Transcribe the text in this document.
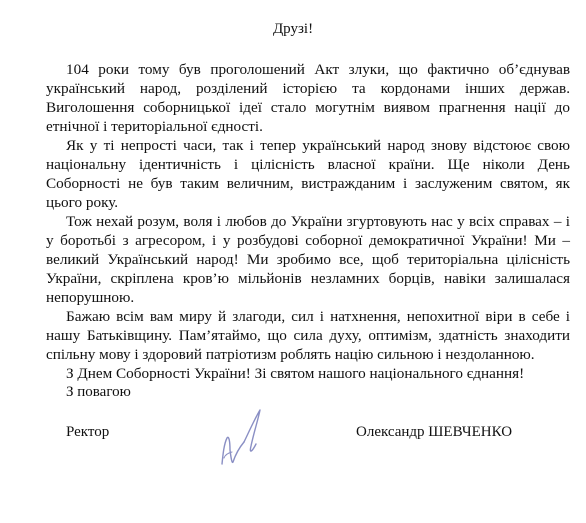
Друзі!

104 роки тому був проголошений Акт злуки, що фактично об’єднував український народ, розділений історією та кордонами інших держав. Виголошення соборницької ідеї стало могутнім виявом прагнення нації до етнічної і територіальної єдності.

Як у ті непрості часи, так і тепер український народ знову відстоює свою національну ідентичність і цілісність власної країни. Ще ніколи День Соборності не був таким величним, вистражданим і заслуженим святом, як цього року.

Тож нехай розум, воля і любов до України згуртовують нас у всіх справах – і у боротьбі з агресором, і у розбудові соборної демократичної України! Ми – великий Український народ! Ми зробимо все, щоб територіальна цілісність України, скріплена кров’ю мільйонів незламних борців, навіки залишалася непорушною.

Бажаю всім вам миру й злагоди, сил і натхнення, непохитної віри в себе і нашу Батьківщину. Пам’ятаймо, що сила духу, оптимізм, здатність знаходити спільну мову і здоровий патріотизм роблять націю сильною і нездоланною.

З Днем Соборності України! Зі святом нашого національного єднання!

З повагою
Ректор	Олександр ШЕВЧЕНКО
